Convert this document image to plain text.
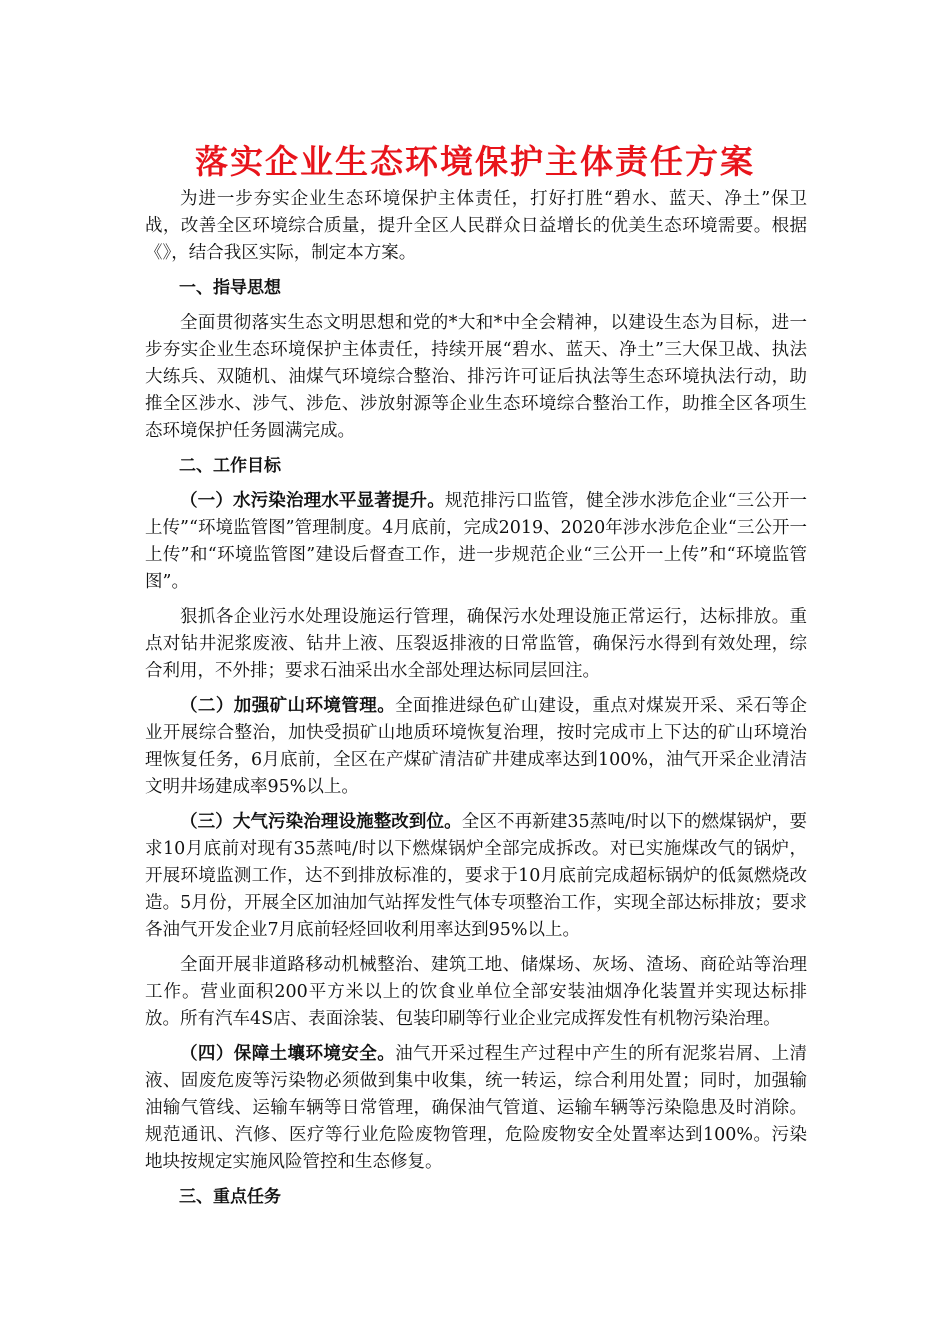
落实企业生态环境保护主体责任方案

为进一步夯实企业生态环境保护主体责任，打好打胜“碧水、蓝天、净土”保卫战，改善全区环境综合质量，提升全区人民群众日益增长的优美生态环境需要。根据《》，结合我区实际，制定本方案。

一、指导思想

全面贯彻落实生态文明思想和党的*大和*中全会精神，以建设生态为目标，进一步夯实企业生态环境保护主体责任，持续开展“碧水、蓝天、净土”三大保卫战、执法大练兵、双随机、油煤气环境综合整治、排污许可证后执法等生态环境执法行动，助推全区涉水、涉气、涉危、涉放射源等企业生态环境综合整治工作，助推全区各项生态环境保护任务圆满完成。

二、工作目标

（一）水污染治理水平显著提升。规范排污口监管，健全涉水涉危企业“三公开一上传”“环境监管图”管理制度。4月底前，完成2019、2020年涉水涉危企业“三公开一上传”和“环境监管图”建设后督查工作，进一步规范企业“三公开一上传”和“环境监管图”。

狠抓各企业污水处理设施运行管理，确保污水处理设施正常运行，达标排放。重点对钻井泥浆废液、钻井上液、压裂返排液的日常监管，确保污水得到有效处理，综合利用，不外排；要求石油采出水全部处理达标同层回注。

（二）加强矿山环境管理。全面推进绿色矿山建设，重点对煤炭开采、采石等企业开展综合整治，加快受损矿山地质环境恢复治理，按时完成市上下达的矿山环境治理恢复任务，6月底前，全区在产煤矿清洁矿井建成率达到100%，油气开采企业清洁文明井场建成率95%以上。

（三）大气污染治理设施整改到位。全区不再新建35蒸吨/时以下的燃煤锅炉，要求10月底前对现有35蒸吨/时以下燃煤锅炉全部完成拆改。对已实施煤改气的锅炉，开展环境监测工作，达不到排放标准的，要求于10月底前完成超标锅炉的低氮燃烧改造。5月份，开展全区加油加气站挥发性气体专项整治工作，实现全部达标排放；要求各油气开发企业7月底前轻烃回收利用率达到95%以上。

全面开展非道路移动机械整治、建筑工地、储煤场、灰场、渣场、商砼站等治理工作。营业面积200平方米以上的饮食业单位全部安装油烟净化装置并实现达标排放。所有汽车4S店、表面涂装、包装印刷等行业企业完成挥发性有机物污染治理。

（四）保障土壤环境安全。油气开采过程生产过程中产生的所有泥浆岩屑、上清液、固废危废等污染物必须做到集中收集，统一转运，综合利用处置；同时，加强输油输气管线、运输车辆等日常管理，确保油气管道、运输车辆等污染隐患及时消除。规范通讯、汽修、医疗等行业危险废物管理，危险废物安全处置率达到100%。污染地块按规定实施风险管控和生态修复。

三、重点任务
